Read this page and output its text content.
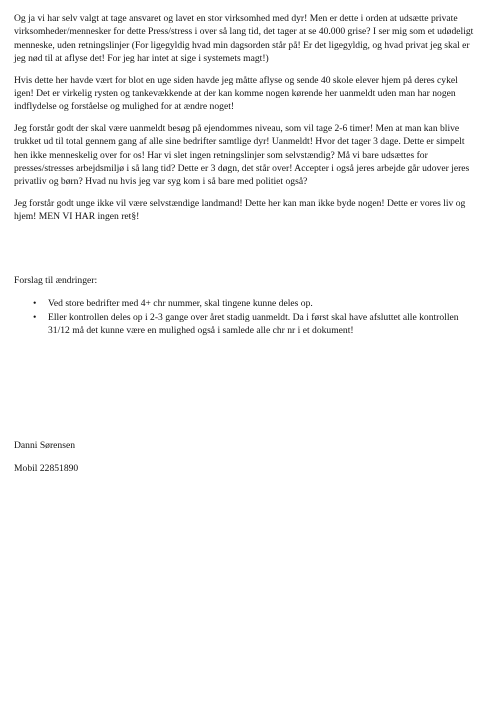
Og ja vi har selv valgt at tage ansvaret og lavet en stor virksomhed med dyr! Men er dette i orden at udsætte private virksomheder/mennesker for dette Press/stress i over så lang tid, det tager at se 40.000 grise? I ser mig som et udødeligt menneske, uden retningslinjer (For ligegyldig hvad min dagsorden står på! Er det ligegyldig, og hvad privat jeg skal er jeg nød til at aflyse det! For jeg har intet at sige i systemets magt!)

Hvis dette her havde vært for blot en uge siden havde jeg måtte aflyse og sende 40 skole elever hjem på deres cykel igen! Det er virkelig rysten og tankevækkende at der kan komme nogen kørende her uanmeldt uden man har nogen indflydelse og forståelse og mulighed for at ændre noget!

Jeg forstår godt der skal være uanmeldt besøg på ejendommes niveau, som vil tage 2-6 timer! Men at man kan blive trukket ud til total gennem gang af alle sine bedrifter samtlige dyr! Uanmeldt! Hvor det tager 3 dage. Dette er simpelt hen ikke menneskelig over for os! Har vi slet ingen retningslinjer som selvstændig? Må vi bare udsættes for presses/stresses arbejdsmiljø i så lang tid? Dette er 3 døgn, det står over! Accepter i også jeres arbejde går udover jeres privatliv og børn? Hvad nu hvis jeg var syg kom i så bare med politiet også?

Jeg forstår godt unge ikke vil være selvstændige landmand! Dette her kan man ikke byde nogen! Dette er vores liv og hjem! MEN VI HAR ingen ret§!

Forslag til ændringer:

• Ved store bedrifter med 4+ chr nummer, skal tingene kunne deles op.
• Eller kontrollen deles op i 2-3 gange over året stadig uanmeldt. Da i først skal have afsluttet alle kontrollen 31/12 må det kunne være en mulighed også i samlede alle chr nr i et dokument!

Danni Sørensen

Mobil 22851890
